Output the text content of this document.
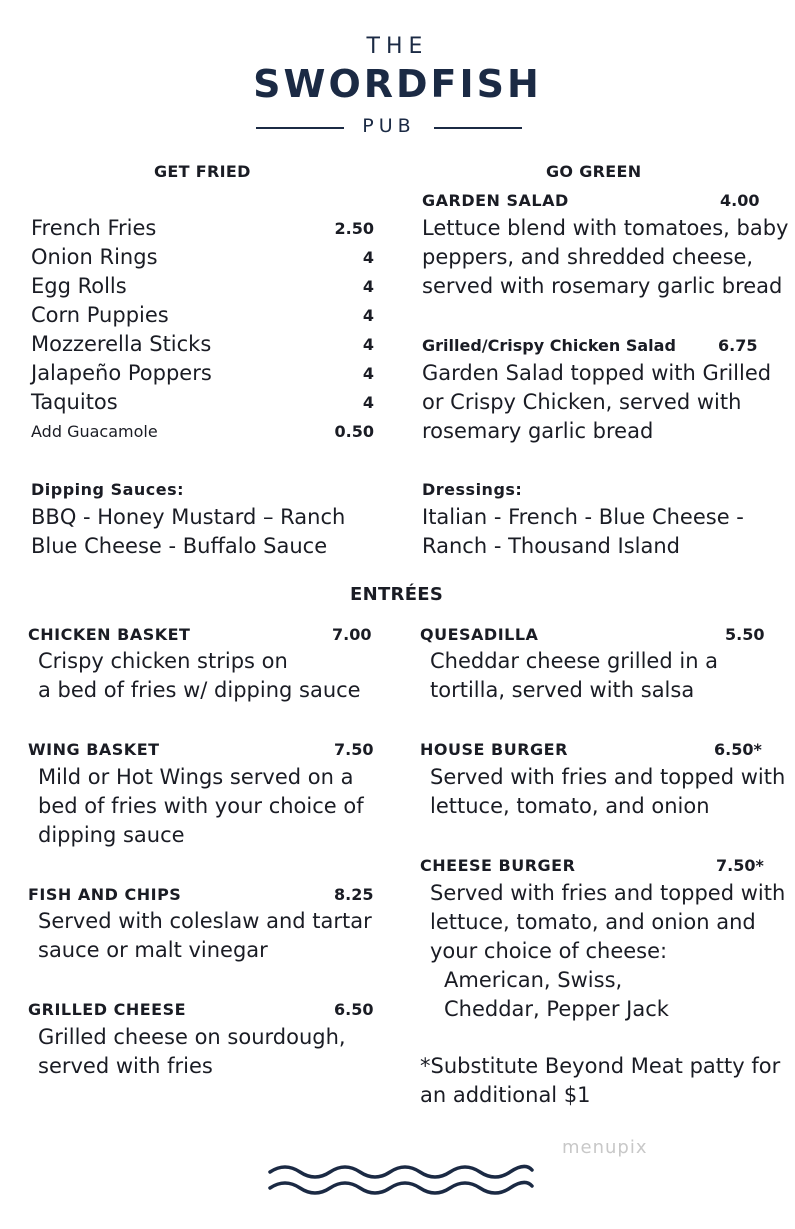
THE
SWORDFISH
PUB
GET FRIED
French Fries	2.50
Onion Rings	4
Egg Rolls	4
Corn Puppies	4
Mozzerella Sticks	4
Jalapeño Poppers	4
Taquitos	4
Add Guacamole	0.50
Dipping Sauces:
BBQ - Honey Mustard – Ranch
Blue Cheese - Buffalo Sauce
GO GREEN
GARDEN SALAD	4.00
Lettuce blend with tomatoes, baby
peppers, and shredded cheese,
served with rosemary garlic bread
Grilled/Crispy Chicken Salad	6.75
Garden Salad topped with Grilled
or Crispy Chicken, served with
rosemary garlic bread
Dressings:
Italian - French - Blue Cheese -
Ranch - Thousand Island
ENTRÉES
CHICKEN BASKET	7.00
Crispy chicken strips on
a bed of fries w/ dipping sauce
WING BASKET	7.50
Mild or Hot Wings served on a
bed of fries with your choice of
dipping sauce
FISH AND CHIPS	8.25
Served with coleslaw and tartar
sauce or malt vinegar
GRILLED CHEESE	6.50
Grilled cheese on sourdough,
served with fries
QUESADILLA	5.50
Cheddar cheese grilled in a
tortilla, served with salsa
HOUSE BURGER	6.50*
Served with fries and topped with
lettuce, tomato, and onion
CHEESE BURGER	7.50*
Served with fries and topped with
lettuce, tomato, and onion and
your choice of cheese:
American, Swiss,
Cheddar, Pepper Jack
*Substitute Beyond Meat patty for
an additional $1
menupix
